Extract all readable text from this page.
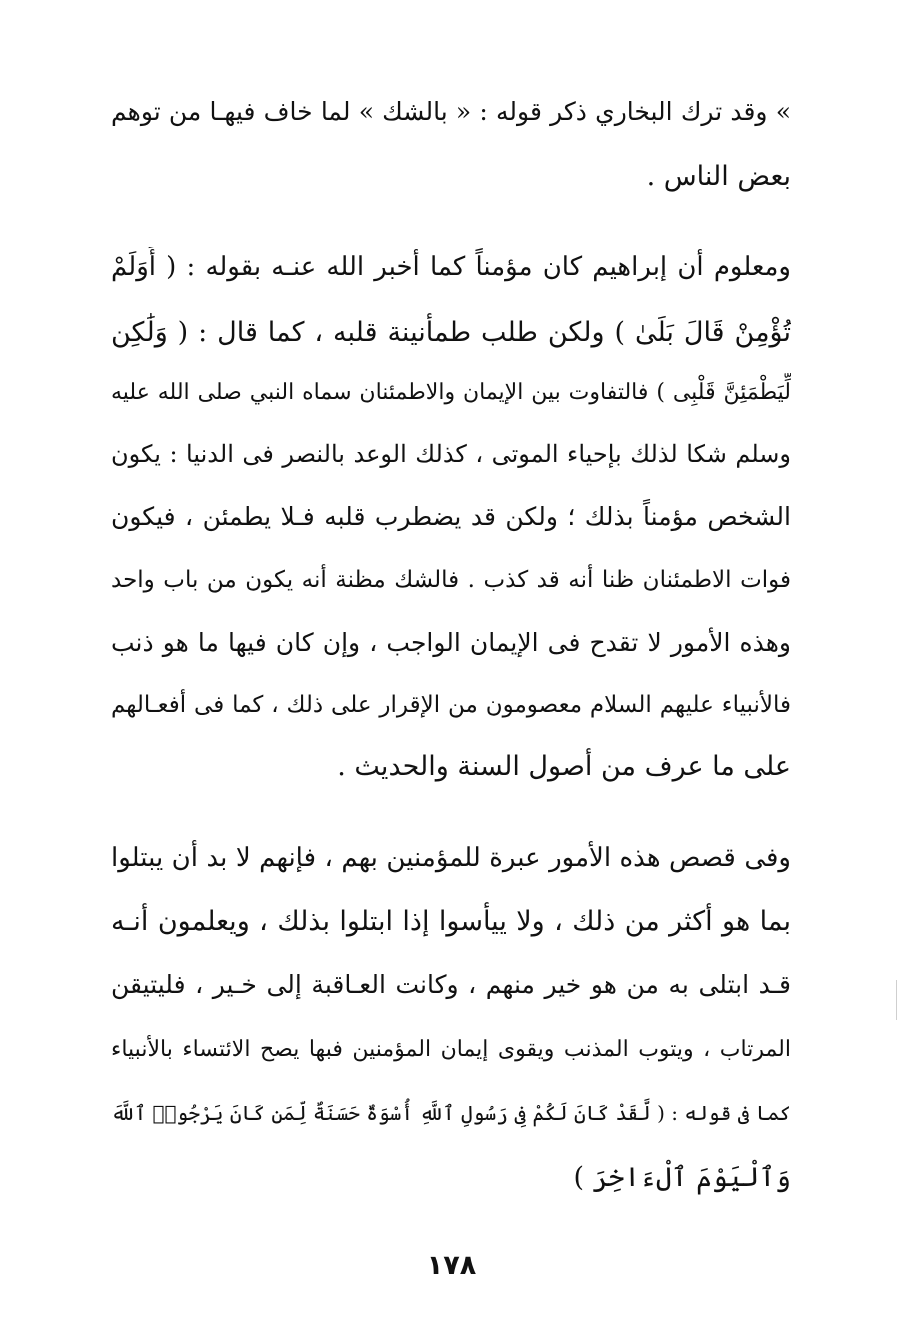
» وقد ترك البخاري ذكر قوله : « بالشك » لما خاف فيهـا من توهم
بعض الناس .
ومعلوم أن إبراهيم كان مؤمناً كما أخبر الله عنـه بقوله : ( أَوَلَمْ
تُؤْمِنْ قَالَ بَلَىٰ ) ولكن طلب طمأنينة قلبه ، كما قال : ( وَلَٰكِن
لِّيَطْمَئِنَّ قَلْبِى ) فالتفاوت بين الإيمان والاطمئنان سماه النبي صلى الله عليه
وسلم شكا لذلك بإحياء الموتى ، كذلك الوعد بالنصر فى الدنيا : يكون
الشخص مؤمناً بذلك ؛ ولكن قد يضطرب قلبه فـلا يطمئن ، فيكون
فوات الاطمئنان ظنا أنه قد كذب . فالشك مظنة أنه يكون من باب واحد
وهذه الأمور لا تقدح فى الإيمان الواجب ، وإن كان فيها ما هو ذنب
فالأنبياء عليهم السلام معصومون من الإقرار على ذلك ، كما فى أفعـالهم
على ما عرف من أصول السنة والحديث .
وفى قصص هذه الأمور عبرة للمؤمنين بهم ، فإنهم لا بد أن يبتلوا
بما هو أكثر من ذلك ، ولا ييأسوا إذا ابتلوا بذلك ، ويعلمون أنـه
قـد ابتلى به من هو خير منهم ، وكانت العـاقبة إلى خـير ، فليتيقن
المرتاب ، ويتوب المذنب ويقوى إيمان المؤمنين فبها يصح الائتساء بالأنبياء
كما فى قوله : ( لَّقَدْ كَانَ لَكُمْ فِى رَسُولِ ٱللَّهِ أُسْوَةٌ حَسَنَةٌ لِّمَن كَانَ يَرْجُوا۟ ٱللَّهَ
وَٱلْيَوْمَ ٱلْءَاخِرَ )
١٧٨
